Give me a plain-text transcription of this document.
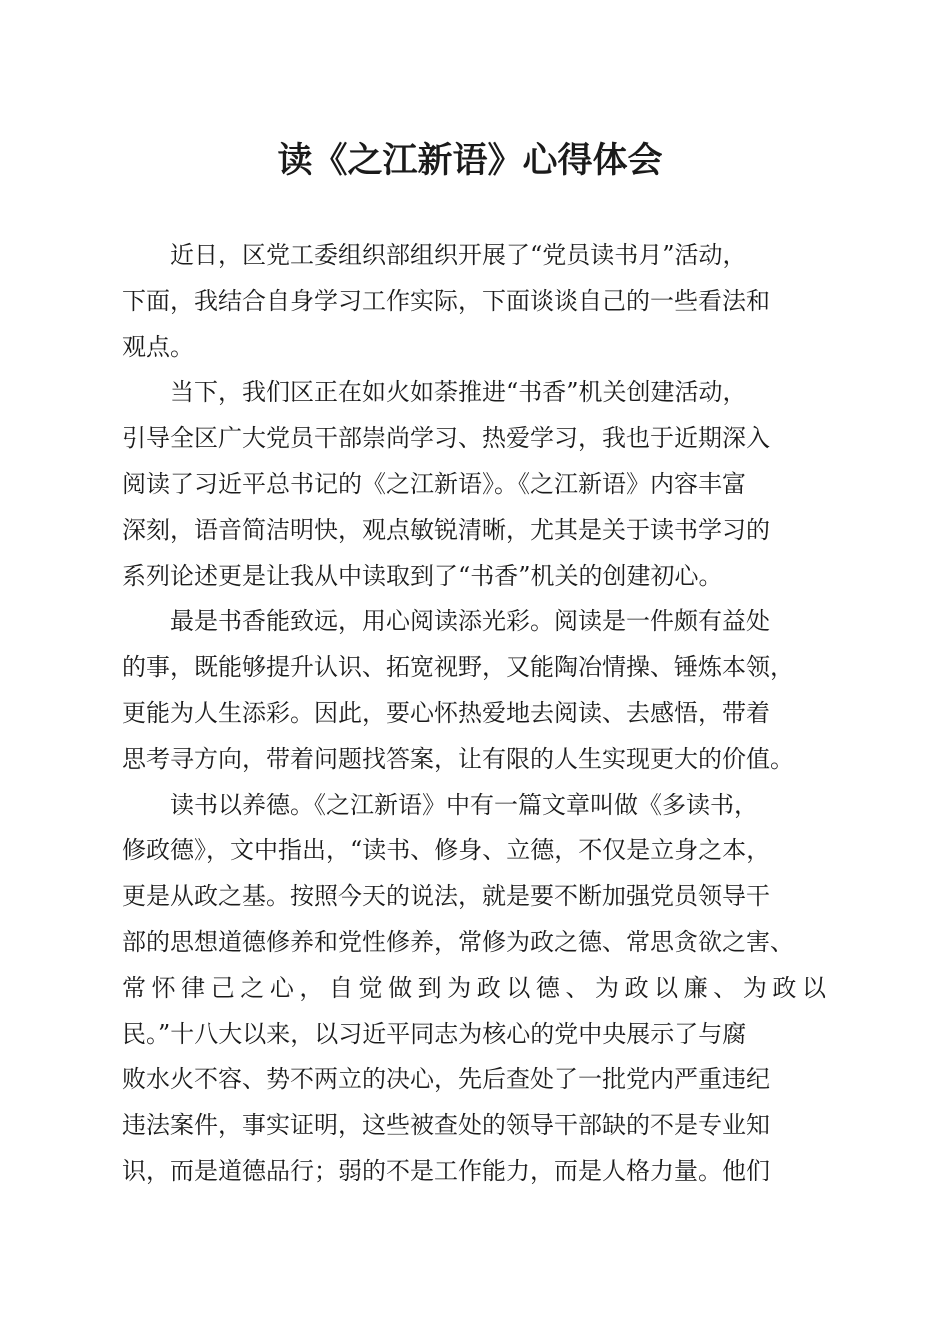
读《之江新语》心得体会

近日，区党工委组织部组织开展了“党员读书月”活动，
下面，我结合自身学习工作实际，下面谈谈自己的一些看法和
观点。

当下，我们区正在如火如荼推进“书香”机关创建活动，
引导全区广大党员干部崇尚学习、热爱学习，我也于近期深入
阅读了习近平总书记的《之江新语》。《之江新语》内容丰富
深刻，语音简洁明快，观点敏锐清晰，尤其是关于读书学习的
系列论述更是让我从中读取到了“书香”机关的创建初心。

最是书香能致远，用心阅读添光彩。阅读是一件颇有益处
的事，既能够提升认识、拓宽视野，又能陶冶情操、锤炼本领，
更能为人生添彩。因此，要心怀热爱地去阅读、去感悟，带着
思考寻方向，带着问题找答案，让有限的人生实现更大的价值。

读书以养德。《之江新语》中有一篇文章叫做《多读书，
修政德》，文中指出，“读书、修身、立德，不仅是立身之本，
更是从政之基。按照今天的说法，就是要不断加强党员领导干
部的思想道德修养和党性修养，常修为政之德、常思贪欲之害、
常怀律己之心，自觉做到为政以德、为政以廉、为政以
民。”十八大以来，以习近平同志为核心的党中央展示了与腐
败水火不容、势不两立的决心，先后查处了一批党内严重违纪
违法案件，事实证明，这些被查处的领导干部缺的不是专业知
识，而是道德品行；弱的不是工作能力，而是人格力量。他们
